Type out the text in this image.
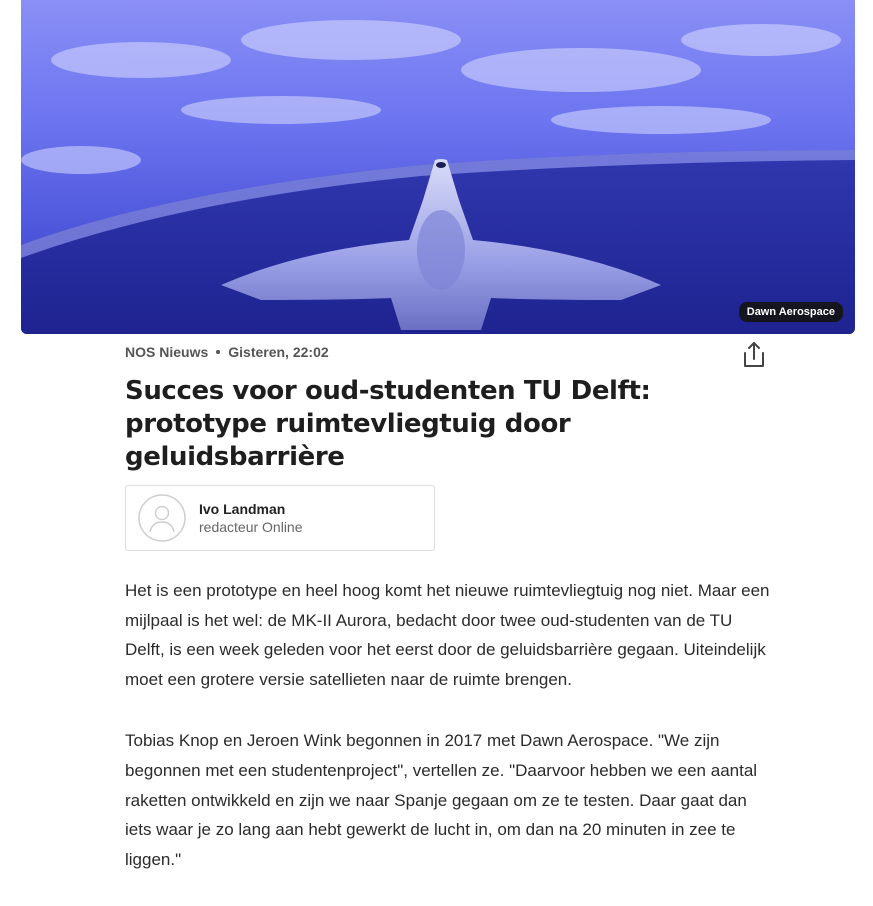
Dawn Aerospace
NOS Nieuws Gisteren, 22:02
Succes voor oud-studenten TU Delft: prototype ruimtevliegtuig door geluidsbarrière
Ivo Landman
redacteur Online

Het is een prototype en heel hoog komt het nieuwe ruimtevliegtuig nog niet. Maar een mijlpaal is het wel: de MK-II Aurora, bedacht door twee oud-studenten van de TU Delft, is een week geleden voor het eerst door de geluidsbarrière gegaan. Uiteindelijk moet een grotere versie satellieten naar de ruimte brengen.

Tobias Knop en Jeroen Wink begonnen in 2017 met Dawn Aerospace. "We zijn begonnen met een studentenproject", vertellen ze. "Daarvoor hebben we een aantal raketten ontwikkeld en zijn we naar Spanje gegaan om ze te testen. Daar gaat dan iets waar je zo lang aan hebt gewerkt de lucht in, om dan na 20 minuten in zee te liggen."
